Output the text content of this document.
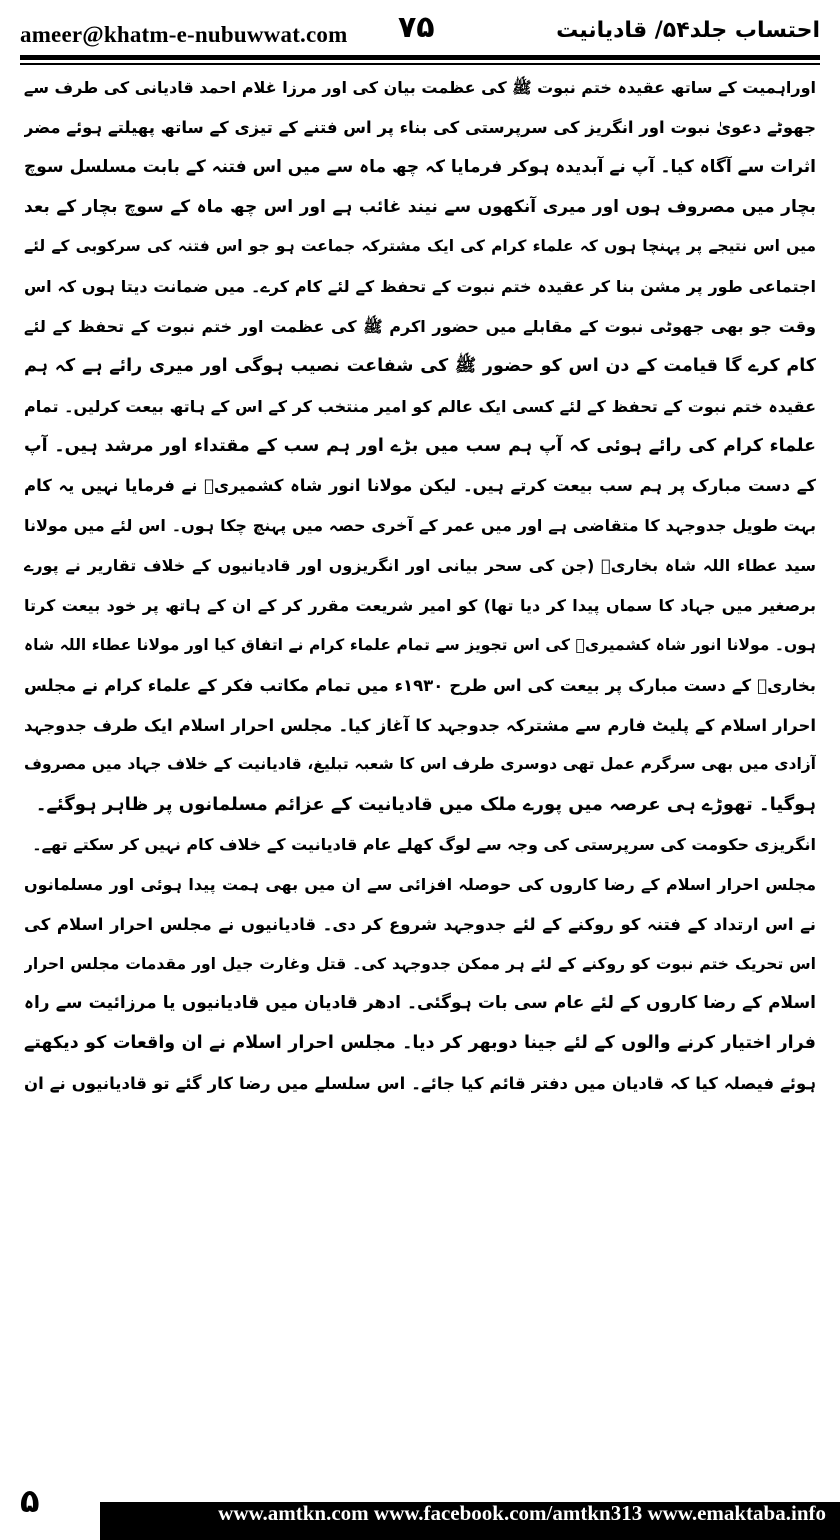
ameer@khatm-e-nubuwwat.com ۷۵	احتساب جلد۵۴/ قادیانیت
اوراہمیت کے ساتھ عقیدہ ختم نبوت ﷺ کی عظمت بیان کی اور مرزا غلام احمد قادیانی کی طرف سے
جھوٹے دعویٰ نبوت اور انگریز کی سرپرستی کی بناء پر اس فتنے کے تیزی کے ساتھ پھیلتے ہوئے مضر
اثرات سے آگاہ کیا۔ آپ نے آبدیدہ ہوکر فرمایا کہ چھ ماہ سے میں اس فتنہ کے بابت مسلسل سوچ
بچار میں مصروف ہوں اور میری آنکھوں سے نیند غائب ہے اور اس چھ ماہ کے سوچ بچار کے بعد
میں اس نتیجے پر پہنچا ہوں کہ علماء کرام کی ایک مشترکہ جماعت ہو جو اس فتنہ کی سرکوبی کے لئے
اجتماعی طور پر مشن بنا کر عقیدہ ختم نبوت کے تحفظ کے لئے کام کرے۔ میں ضمانت دیتا ہوں کہ اس
وقت جو بھی جھوٹی نبوت کے مقابلے میں حضور اکرم ﷺ کی عظمت اور ختم نبوت کے تحفظ کے لئے
کام کرے گا قیامت کے دن اس کو حضور ﷺ کی شفاعت نصیب ہوگی اور میری رائے ہے کہ ہم
عقیدہ ختم نبوت کے تحفظ کے لئے کسی ایک عالم کو امیر منتخب کر کے اس کے ہاتھ بیعت کرلیں۔ تمام
علماء کرام کی رائے ہوئی کہ آپ ہم سب میں بڑے اور ہم سب کے مقتداء اور مرشد ہیں۔ آپ
کے دست مبارک پر ہم سب بیعت کرتے ہیں۔ لیکن مولانا انور شاہ کشمیریؒ نے فرمایا نہیں یہ کام
بہت طویل جدوجہد کا متقاضی ہے اور میں عمر کے آخری حصہ میں پہنچ چکا ہوں۔ اس لئے میں مولانا
سید عطاء اللہ شاہ بخاریؒ (جن کی سحر بیانی اور انگریزوں اور قادیانیوں کے خلاف تقاریر نے پورے
برصغیر میں جہاد کا سماں پیدا کر دیا تھا) کو امیر شریعت مقرر کر کے ان کے ہاتھ پر خود بیعت کرتا
ہوں۔ مولانا انور شاہ کشمیریؒ کی اس تجویز سے تمام علماء کرام نے اتفاق کیا اور مولانا عطاء اللہ شاہ
بخاریؒ کے دست مبارک پر بیعت کی اس طرح ۱۹۳۰ء میں تمام مکاتب فکر کے علماء کرام نے مجلس
احرار اسلام کے پلیٹ فارم سے مشترکہ جدوجہد کا آغاز کیا۔ مجلس احرار اسلام ایک طرف جدوجہد
آزادی میں بھی سرگرم عمل تھی دوسری طرف اس کا شعبہ تبلیغ، قادیانیت کے خلاف جہاد میں مصروف
ہوگیا۔ تھوڑے ہی عرصہ میں پورے ملک میں قادیانیت کے عزائم مسلمانوں پر ظاہر ہوگئے۔
انگریزی حکومت کی سرپرستی کی وجہ سے لوگ کھلے عام قادیانیت کے خلاف کام نہیں کر سکتے تھے۔
مجلس احرار اسلام کے رضا کاروں کی حوصلہ افزائی سے ان میں بھی ہمت پیدا ہوئی اور مسلمانوں
نے اس ارتداد کے فتنہ کو روکنے کے لئے جدوجہد شروع کر دی۔ قادیانیوں نے مجلس احرار اسلام کی
اس تحریک ختم نبوت کو روکنے کے لئے ہر ممکن جدوجہد کی۔ قتل وغارت جیل اور مقدمات مجلس احرار
اسلام کے رضا کاروں کے لئے عام سی بات ہوگئی۔ ادھر قادیان میں قادیانیوں یا مرزائیت سے راہ
فرار اختیار کرنے والوں کے لئے جینا دوبھر کر دیا۔ مجلس احرار اسلام نے ان واقعات کو دیکھتے
ہوئے فیصلہ کیا کہ قادیان میں دفتر قائم کیا جائے۔ اس سلسلے میں رضا کار گئے تو قادیانیوں نے ان
۵	www.amtkn.com www.facebook.com/amtkn313 www.emaktaba.info
